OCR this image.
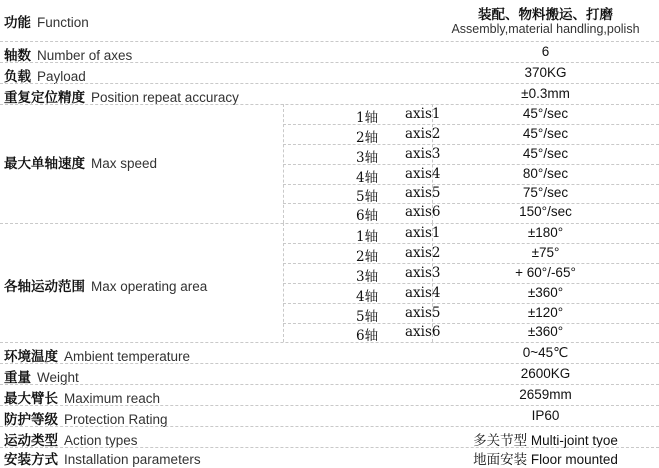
功能 Function	装配、物料搬运、打磨
Assembly,material handling,polish
轴数 Number of axes	6
负载 Payload	370KG
重复定位精度 Position repeat accuracy	±0.3mm
最大单轴速度 Max speed
1轴 axis1	45°/sec
2轴 axis2	45°/sec
3轴 axis3	45°/sec
4轴 axis4	80°/sec
5轴 axis5	75°/sec
6轴 axis6	150°/sec
各轴运动范围 Max operating area
1轴 axis1	±180°
2轴 axis2	±75°
3轴 axis3	+ 60°/-65°
4轴 axis4	±360°
5轴 axis5	±120°
6轴 axis6	±360°
环境温度 Ambient temperature	0~45℃
重量 Weight	2600KG
最大臂长 Maximum reach	2659mm
防护等级 Protection Rating	IP60
运动类型 Action types	多关节型 Multi-joint tyoe
安装方式 Installation parameters	地面安装 Floor mounted
